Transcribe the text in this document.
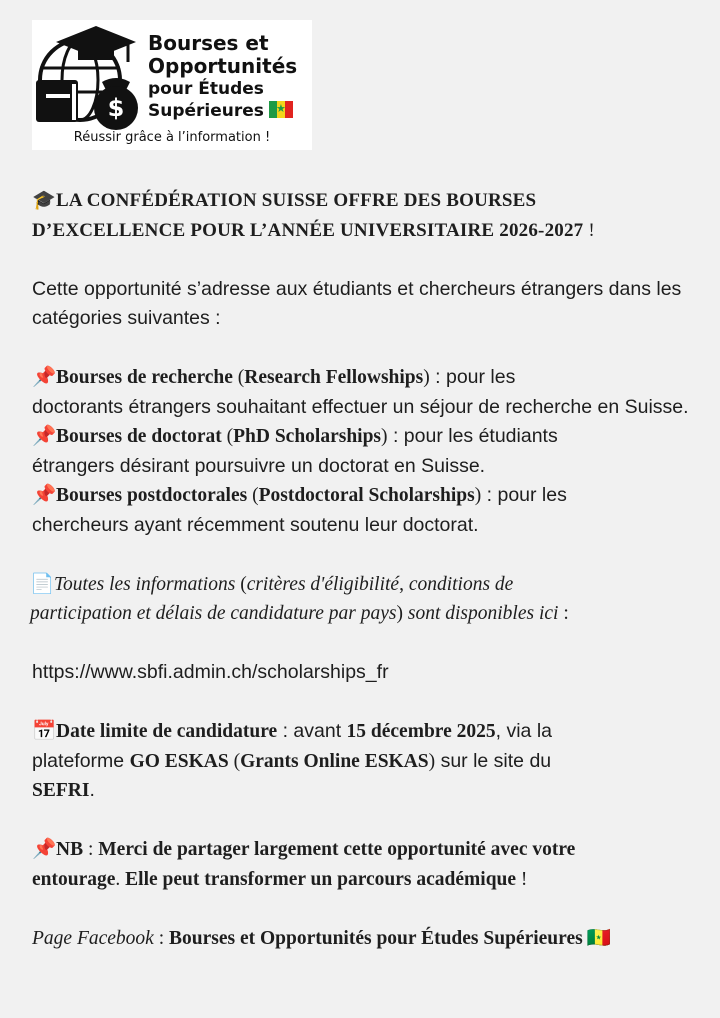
$
Bourses et
Opportunités
pour Études
Supérieures	★
Réussir grâce à l’information !
🎓LA CONFÉDÉRATION SUISSE OFFRE DES BOURSES
D’EXCELLENCE POUR L’ANNÉE UNIVERSITAIRE 2026-2027 !

Cette opportunité s’adresse aux étudiants et chercheurs étrangers dans les catégories suivantes :

📌Bourses de recherche (Research Fellowships) : pour les
doctorants étrangers souhaitant effectuer un séjour de recherche en Suisse.

📌Bourses de doctorat (PhD Scholarships) : pour les étudiants
étrangers désirant poursuivre un doctorat en Suisse.

📌Bourses postdoctorales (Postdoctoral Scholarships) : pour les
chercheurs ayant récemment soutenu leur doctorat.

📄Toutes les informations (critères d'éligibilité, conditions de
participation et délais de candidature par pays) sont disponibles ici :

https://www.sbfi.admin.ch/scholarships_fr

📅Date limite de candidature : avant 15 décembre 2025, via la
plateforme GO ESKAS (Grants Online ESKAS) sur le site du
SEFRI.

📌NB : Merci de partager largement cette opportunité avec votre
entourage. Elle peut transformer un parcours académique !

Page Facebook : Bourses et Opportunités pour Études Supérieures 🇸🇳
